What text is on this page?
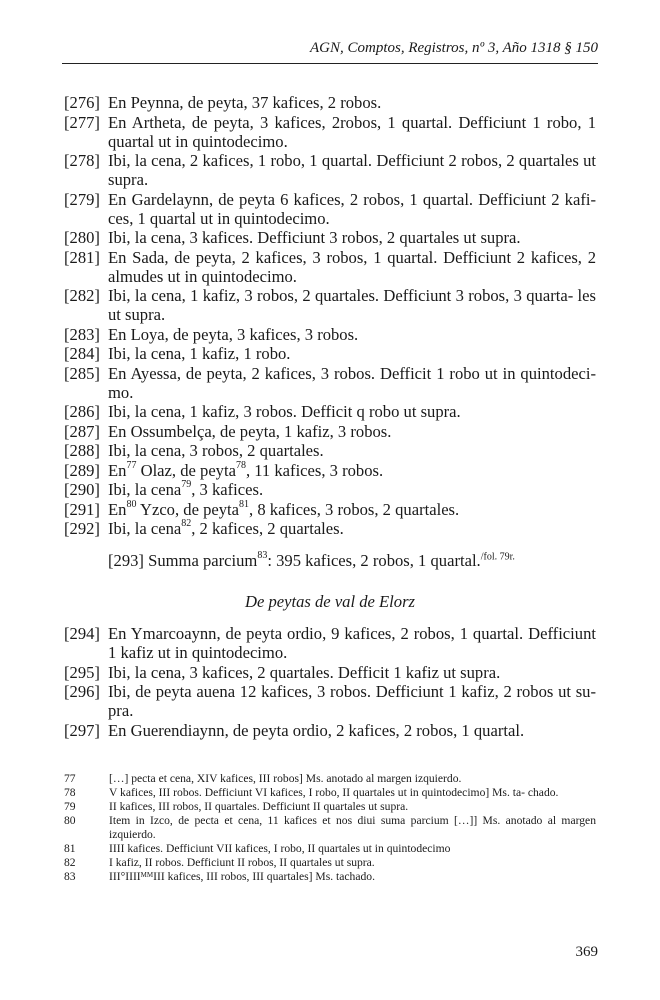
AGN, Comptos, Registros, nº 3, Año 1318 § 150

[276] En Peynna, de peyta, 37 kafices, 2 robos.

[277] En Artheta, de peyta, 3 kafices, 2robos, 1 quartal. Defficiunt 1 robo, 1 quartal ut in quintodecimo.

[278] Ibi, la cena, 2 kafices, 1 robo, 1 quartal. Defficiunt 2 robos, 2 quartales ut supra.

[279] En Gardelaynn, de peyta 6 kafices, 2 robos, 1 quartal. Defficiunt 2 kafi- ces, 1 quartal ut in quintodecimo.

[280] Ibi, la cena, 3 kafices. Defficiunt 3 robos, 2 quartales ut supra.

[281] En Sada, de peyta, 2 kafices, 3 robos, 1 quartal. Defficiunt 2 kafices, 2 almudes ut in quintodecimo.

[282] Ibi, la cena, 1 kafiz, 3 robos, 2 quartales. Defficiunt 3 robos, 3 quarta- les ut supra.

[283] En Loya, de peyta, 3 kafices, 3 robos.

[284] Ibi, la cena, 1 kafiz, 1 robo.

[285] En Ayessa, de peyta, 2 kafices, 3 robos. Defficit 1 robo ut in quintodeci- mo.

[286] Ibi, la cena, 1 kafiz, 3 robos. Defficit q robo ut supra.

[287] En Ossumbelça, de peyta, 1 kafiz, 3 robos.

[288] Ibi, la cena, 3 robos, 2 quartales.

[289] En$^{77}$ Olaz, de peyta$^{78}$, 11 kafices, 3 robos.

[290] Ibi, la cena$^{79}$, 3 kafices.

[291] En$^{80}$ Yzco, de peyta$^{81}$, 8 kafices, 3 robos, 2 quartales.

[292] Ibi, la cena$^{82}$, 2 kafices, 2 quartales.

[293] Summa parcium$^{83}$: 395 kafices, 2 robos, 1 quartal.$^{/fol. 79r.}$
De peytas de val de Elorz

[294] En Ymarcoaynn, de peyta ordio, 9 kafices, 2 robos, 1 quartal. Defficiunt 1 kafiz ut in quintodecimo.

[295] Ibi, la cena, 3 kafices, 2 quartales. Defficit 1 kafiz ut supra.

[296] Ibi, de peyta auena 12 kafices, 3 robos. Defficiunt 1 kafiz, 2 robos ut su- pra.

[297] En Guerendiaynn, de peyta ordio, 2 kafices, 2 robos, 1 quartal.

77	[…] pecta et cena, XIV kafices, III robos] Ms. anotado al margen izquierdo.
78	V kafices, III robos. Defficiunt VI kafices, I robo, II quartales ut in quintodecimo] Ms. ta- chado.
79	II kafices, III robos, II quartales. Defficiunt II quartales ut supra.
80	Item in Izco, de pecta et cena, 11 kafices et nos diui suma parcium […]] Ms. anotado al margen izquierdo.
81	IIII kafices. Defficiunt VII kafices, I robo, II quartales ut in quintodecimo
82	I kafiz, II robos. Defficiunt II robos, II quartales ut supra.
83	III°IIIIᴹᴹIII kafices, III robos, III quartales] Ms. tachado.
369
